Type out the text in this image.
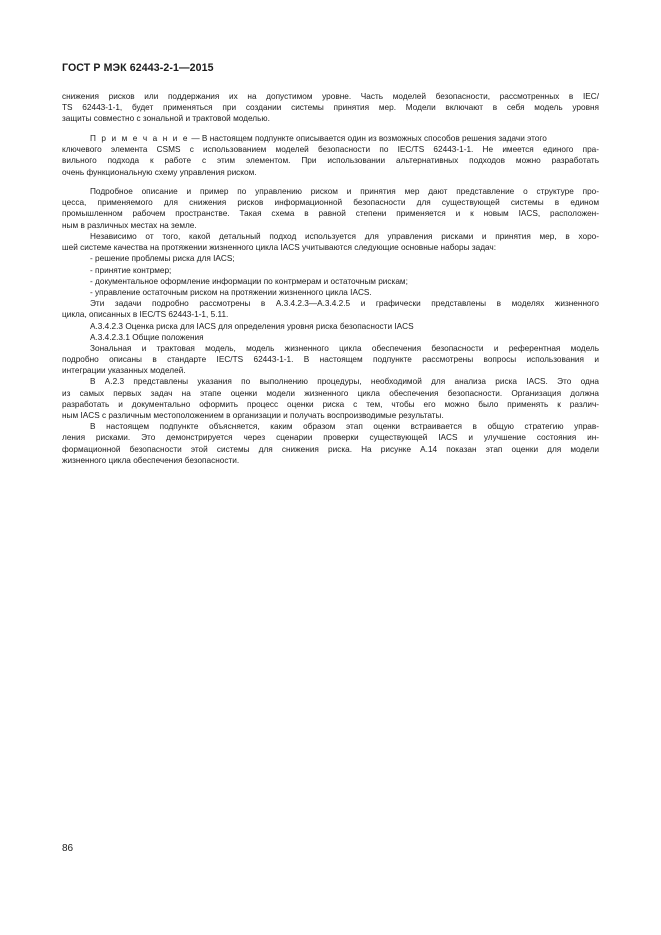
ГОСТ Р МЭК 62443-2-1—2015
снижения рисков или поддержания их на допустимом уровне. Часть моделей безопасности, рассмотренных в IEC/
TS 62443-1-1, будет применяться при создании системы принятия мер. Модели включают в себя модель уровня
защиты совместно с зональной и трактовой моделью.
П р и м е ч а н и е — В настоящем подпункте описывается один из возможных способов решения задачи этого
ключевого элемента CSMS с использованием моделей безопасности по IEC/TS 62443-1-1. Не имеется единого пра-
вильного подхода к работе с этим элементом. При использовании альтернативных подходов можно разработать
очень функциональную схему управления риском.
Подробное описание и пример по управлению риском и принятия мер дают представление о структуре про-
цесса, применяемого для снижения рисков информационной безопасности для существующей системы в едином
промышленном рабочем пространстве. Такая схема в равной степени применяется и к новым IACS, расположен-
ным в различных местах на земле.
Независимо от того, какой детальный подход используется для управления рисками и принятия мер, в хоро-
шей системе качества на протяжении жизненного цикла IACS учитываются следующие основные наборы задач:
- решение проблемы риска для IACS;
- принятие контрмер;
- документальное оформление информации по контрмерам и остаточным рискам;
- управление остаточным риском на протяжении жизненного цикла IACS.
Эти задачи подробно рассмотрены в А.3.4.2.3—А.3.4.2.5 и графически представлены в моделях жизненного
цикла, описанных в IEC/TS 62443-1-1, 5.11.
А.3.4.2.3 Оценка риска для IACS для определения уровня риска безопасности IACS
А.3.4.2.3.1 Общие положения
Зональная и трактовая модель, модель жизненного цикла обеспечения безопасности и референтная модель
подробно описаны в стандарте IEC/TS 62443-1-1. В настоящем подпункте рассмотрены вопросы использования и
интеграции указанных моделей.
В А.2.3 представлены указания по выполнению процедуры, необходимой для анализа риска IACS. Это одна
из самых первых задач на этапе оценки модели жизненного цикла обеспечения безопасности. Организация должна
разработать и документально оформить процесс оценки риска с тем, чтобы его можно было применять к различ-
ным IACS с различным местоположением в организации и получать воспроизводимые результаты.
В настоящем подпункте объясняется, каким образом этап оценки встраивается в общую стратегию управ-
ления рисками. Это демонстрируется через сценарии проверки существующей IACS и улучшение состояния ин-
формационной безопасности этой системы для снижения риска. На рисунке А.14 показан этап оценки для модели
жизненного цикла обеспечения безопасности.
86
